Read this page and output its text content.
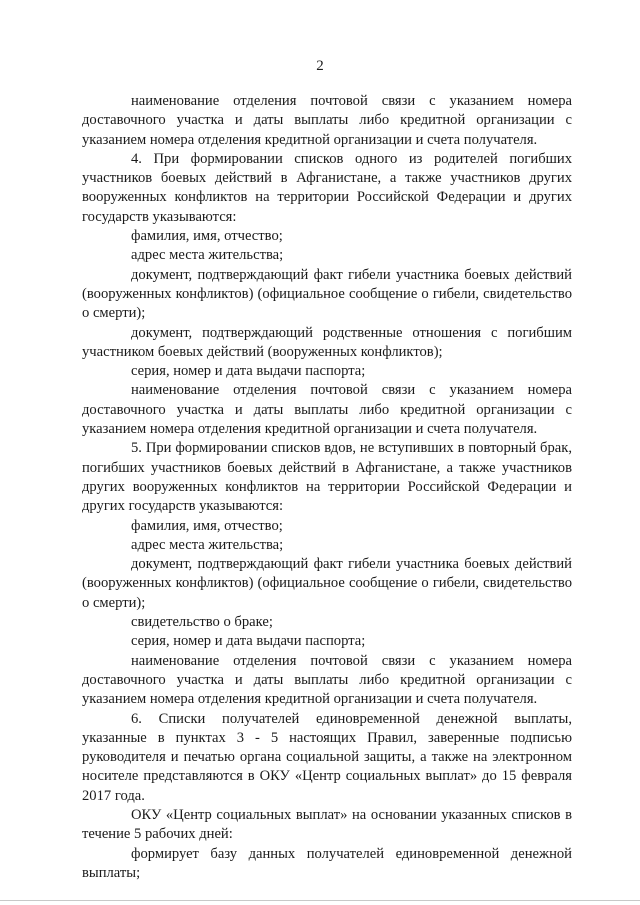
2

наименование отделения почтовой связи с указанием номера доставочного участка и даты выплаты либо кредитной организации с указанием номера отделения кредитной организации и счета получателя.

4. При формировании списков одного из родителей погибших участников боевых действий в Афганистане, а также участников других вооруженных конфликтов на территории Российской Федерации и других государств указываются:

фамилия, имя, отчество;

адрес места жительства;

документ, подтверждающий факт гибели участника боевых действий (вооруженных конфликтов) (официальное сообщение о гибели, свидетельство о смерти);

документ, подтверждающий родственные отношения с погибшим участником боевых действий (вооруженных конфликтов);

серия, номер и дата выдачи паспорта;

наименование отделения почтовой связи с указанием номера доставочного участка и даты выплаты либо кредитной организации с указанием номера отделения кредитной организации и счета получателя.

5. При формировании списков вдов, не вступивших в повторный брак, погибших участников боевых действий в Афганистане, а также участников других вооруженных конфликтов на территории Российской Федерации и других государств указываются:

фамилия, имя, отчество;

адрес места жительства;

документ, подтверждающий факт гибели участника боевых действий (вооруженных конфликтов) (официальное сообщение о гибели, свидетельство о смерти);

свидетельство о браке;

серия, номер и дата выдачи паспорта;

наименование отделения почтовой связи с указанием номера доставочного участка и даты выплаты либо кредитной организации с указанием номера отделения кредитной организации и счета получателя.

6. Списки получателей единовременной денежной выплаты, указанные в пунктах 3 - 5 настоящих Правил, заверенные подписью руководителя и печатью органа социальной защиты, а также на электронном носителе представляются в ОКУ «Центр социальных выплат» до 15 февраля 2017 года.

ОКУ «Центр социальных выплат» на основании указанных списков в течение 5 рабочих дней:

формирует базу данных получателей единовременной денежной выплаты;
